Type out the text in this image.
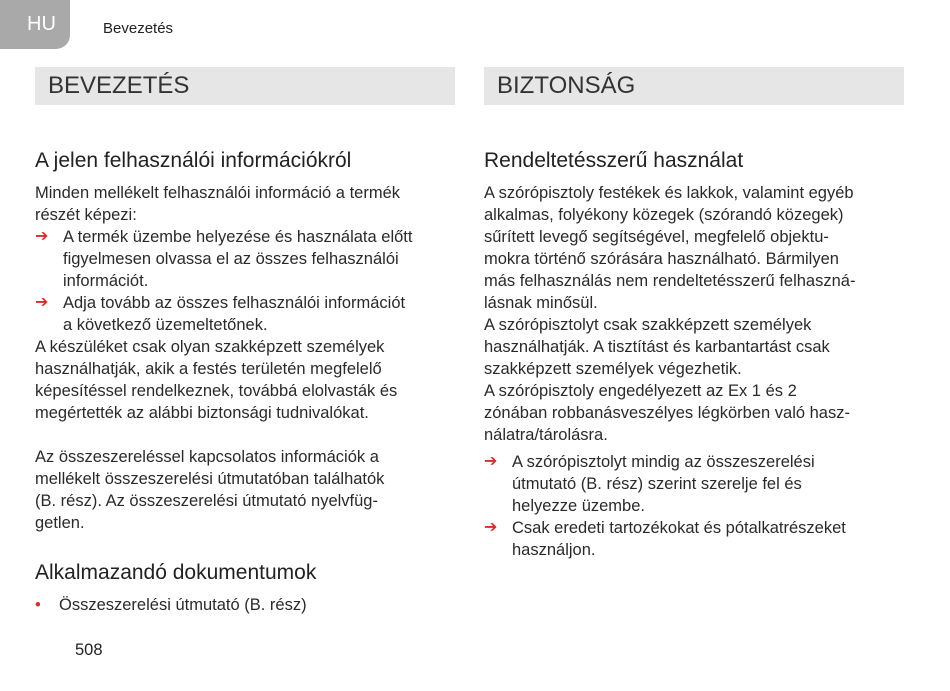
HU	Bevezetés
BEVEZETÉS	BIZTONSÁG
A jelen felhasználói információkról

Minden mellékelt felhasználói információ a termék
részét képezi:

➔ A termék üzembe helyezése és használata előtt
figyelmesen olvassa el az összes felhasználói
információt.
➔ Adja tovább az összes felhasználói információt
a következő üzemeltetőnek.

A készüléket csak olyan szakképzett személyek
használhatják, akik a festés területén megfelelő
képesítéssel rendelkeznek, továbbá elolvasták és
megértették az alábbi biztonsági tudnivalókat.

Az összeszereléssel kapcsolatos információk a
mellékelt összeszerelési útmutatóban találhatók
(B. rész). Az összeszerelési útmutató nyelvfüg-
getlen.

Alkalmazandó dokumentumok
• Összeszerelési útmutató (B. rész)
Rendeltetésszerű használat

A szórópisztoly festékek és lakkok, valamint egyéb
alkalmas, folyékony közegek (szórandó közegek)
sűrített levegő segítségével, megfelelő objektu-
mokra történő szórására használható. Bármilyen
más felhasználás nem rendeltetésszerű felhaszná-
lásnak minősül.

A szórópisztolyt csak szakképzett személyek
használhatják. A tisztítást és karbantartást csak
szakképzett személyek végezhetik.

A szórópisztoly engedélyezett az Ex 1 és 2
zónában robbanásveszélyes légkörben való hasz-
nálatra/tárolásra.

➔ A szórópisztolyt mindig az összeszerelési
útmutató (B. rész) szerint szerelje fel és
helyezze üzembe.
➔ Csak eredeti tartozékokat és pótalkatrészeket
használjon.
508
